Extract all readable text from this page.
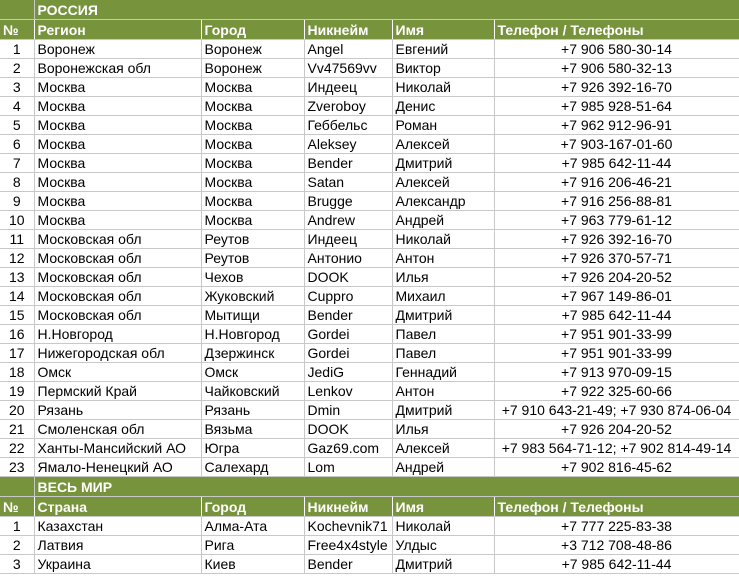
	РОССИЯ				
№	Регион	Город	Никнейм	Имя	Телефон / Телефоны
1	Воронеж	Воронеж	Angel	Евгений	+7 906 580-30-14
2	Воронежская обл	Воронеж	Vv47569vv	Виктор	+7 906 580-32-13
3	Москва	Москва	Индеец	Николай	+7 926 392-16-70
4	Москва	Москва	Zveroboy	Денис	+7 985 928-51-64
5	Москва	Москва	Геббельс	Роман	+7 962 912-96-91
6	Москва	Москва	Aleksey	Алексей	+7 903-167-01-60
7	Москва	Москва	Bender	Дмитрий	+7 985 642-11-44
8	Москва	Москва	Satan	Алексей	+7 916 206-46-21
9	Москва	Москва	Brugge	Александр	+7 916 256-88-81
10	Москва	Москва	Andrew	Андрей	+7 963 779-61-12
11	Московская обл	Реутов	Индеец	Николай	+7 926 392-16-70
12	Московская обл	Реутов	Антонио	Антон	+7 926 370-57-71
13	Московская обл	Чехов	DOOK	Илья	+7 926 204-20-52
14	Московская обл	Жуковский	Cuppro	Михаил	+7 967 149-86-01
15	Московская обл	Мытищи	Bender	Дмитрий	+7 985 642-11-44
16	Н.Новгород	Н.Новгород	Gordei	Павел	+7 951 901-33-99
17	Нижегородская обл	Дзержинск	Gordei	Павел	+7 951 901-33-99
18	Омск	Омск	JediG	Геннадий	+7 913 970-09-15
19	Пермский Край	Чайковский	Lenkov	Антон	+7 922 325-60-66
20	Рязань	Рязань	Dmin	Дмитрий	+7 910 643-21-49; +7 930 874-06-04
21	Смоленская обл	Вязьма	DOOK	Илья	+7 926 204-20-52
22	Ханты-Мансийский АО	Югра	Gaz69.com	Алексей	+7 983 564-71-12; +7 902 814-49-14
23	Ямало-Ненецкий АО	Салехард	Lom	Андрей	+7 902 816-45-62
	ВЕСЬ МИР				
№	Страна	Город	Никнейм	Имя	Телефон / Телефоны
1	Казахстан	Алма-Ата	Kochevnik71	Николай	+7 777 225-83-38
2	Латвия	Рига	Free4x4style	Улдыс	+3 712 708-48-86
3	Украина	Киев	Bender	Дмитрий	+7 985 642-11-44
